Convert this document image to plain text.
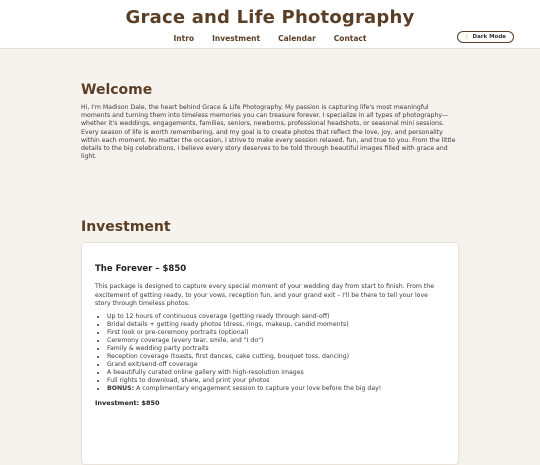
Grace and Life Photography
Intro Investment Calendar Contact	☾ Dark Mode
Welcome

Hi, I'm Madison Dale, the heart behind Grace & Life Photography. My passion is capturing life's most meaningful moments and turning them into timeless memories you can treasure forever. I specialize in all types of photography—whether it's weddings, engagements, families, seniors, newborns, professional headshots, or seasonal mini sessions. Every season of life is worth remembering, and my goal is to create photos that reflect the love, joy, and personality within each moment. No matter the occasion, I strive to make every session relaxed, fun, and true to you. From the little details to the big celebrations, I believe every story deserves to be told through beautiful images filled with grace and light.

Investment
The Forever – $850

This package is designed to capture every special moment of your wedding day from start to finish. From the excitement of getting ready, to your vows, reception fun, and your grand exit – I'll be there to tell your love story through timeless photos.

• Up to 12 hours of continuous coverage (getting ready through send-off)
• Bridal details + getting ready photos (dress, rings, makeup, candid moments)
• First look or pre-ceremony portraits (optional)
• Ceremony coverage (every tear, smile, and "I do")
• Family & wedding party portraits
• Reception coverage (toasts, first dances, cake cutting, bouquet toss, dancing)
• Grand exit/send-off coverage
• A beautifully curated online gallery with high-resolution images
• Full rights to download, share, and print your photos
• BONUS: A complimentary engagement session to capture your love before the big day!
Investment: $850
